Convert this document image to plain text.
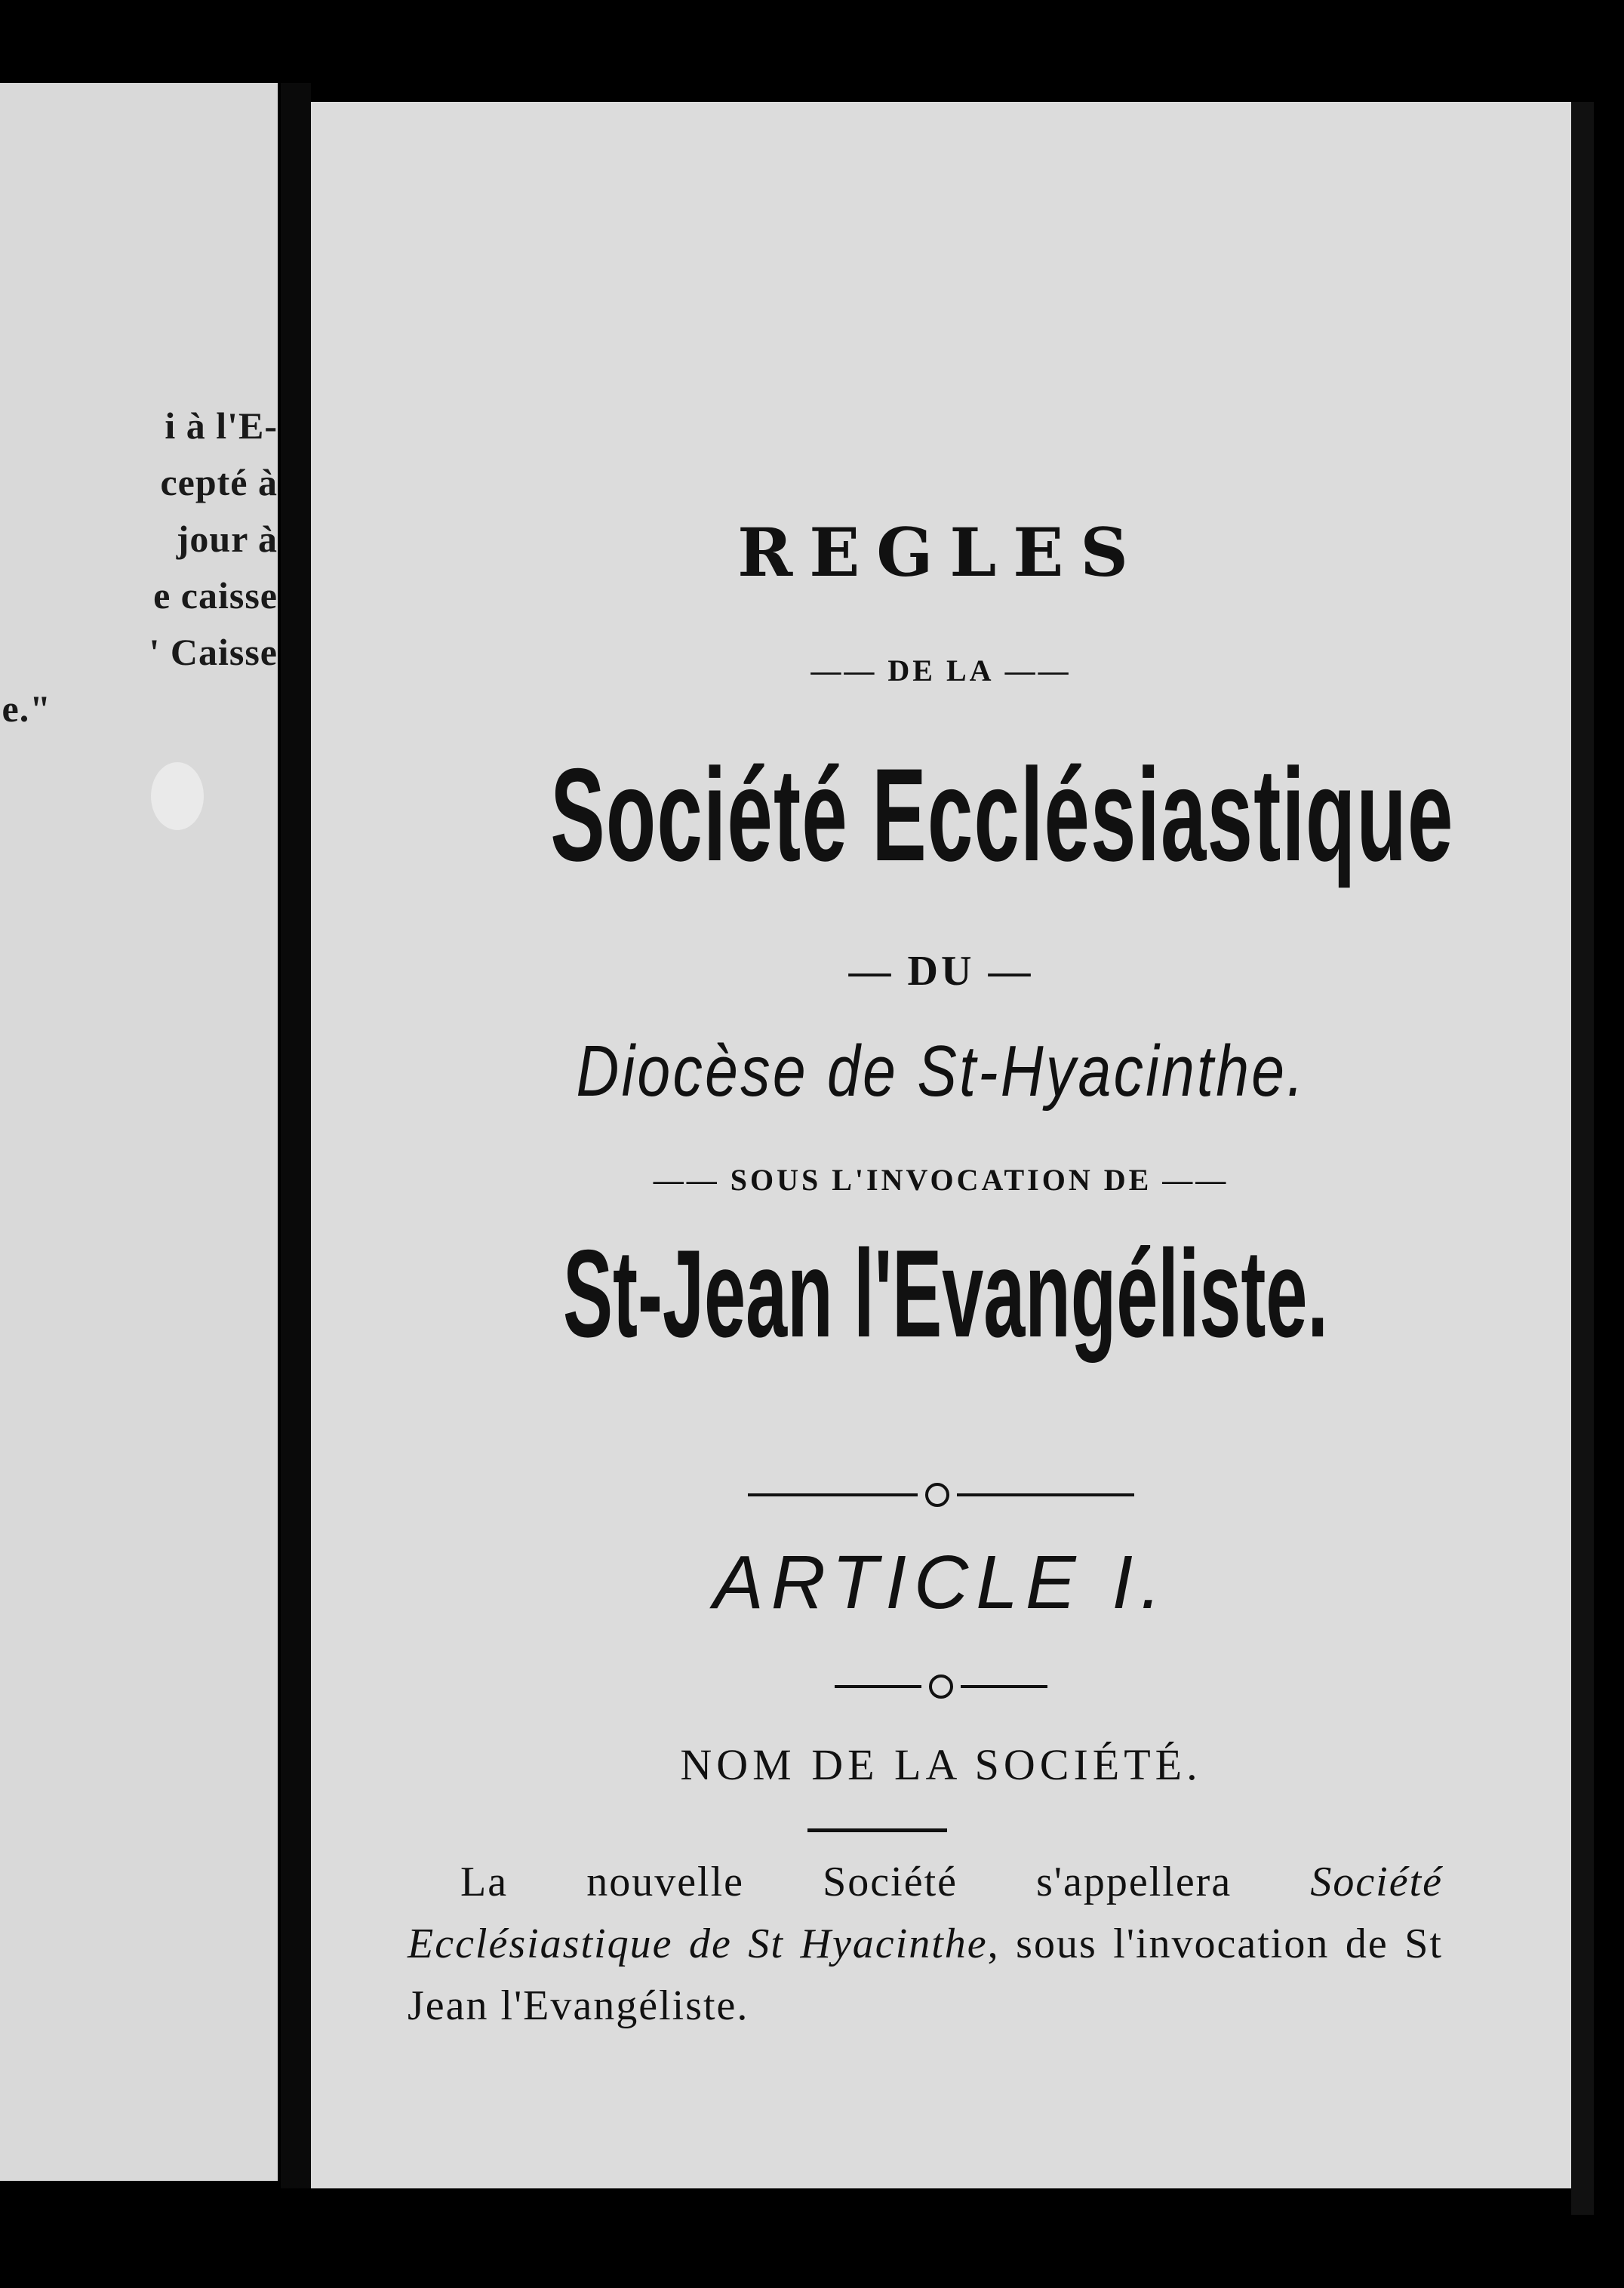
i à l'E-
cepté à
jour à
e caisse
' Caisse
e."
REGLES
—— DE LA ——
Société Ecclésiastique
— DU —
Diocèse de St-Hyacinthe.
—— SOUS L'INVOCATION DE ——
St-Jean l'Evangéliste.
ARTICLE I.
NOM DE LA SOCIÉTÉ.
La nouvelle Société s'appellera Société Ecclésiastique de St Hyacinthe, sous l'invocation de St Jean l'Evangéliste.
